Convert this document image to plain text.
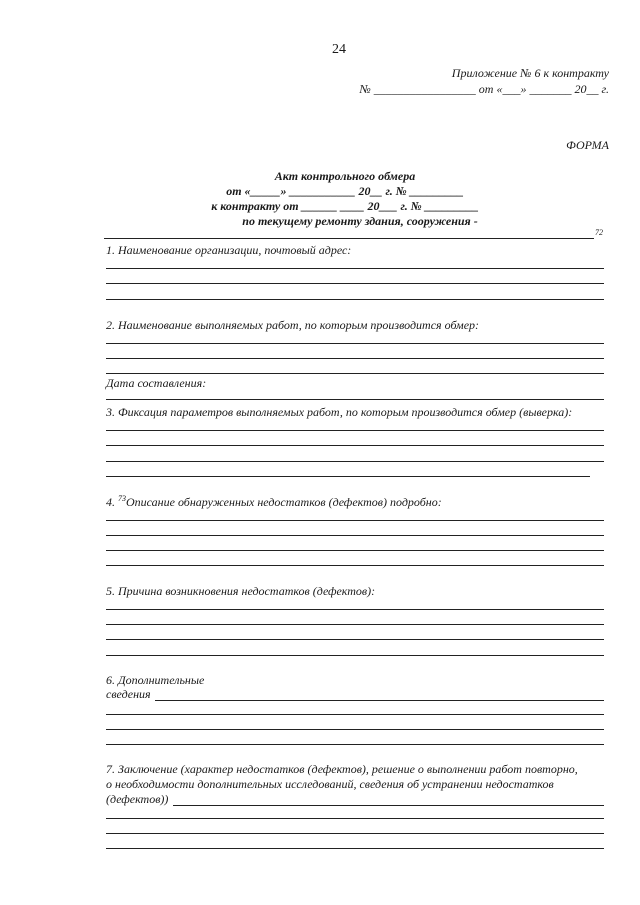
24
Приложение № 6 к контракту
№ _________________ от «___» _______ 20__ г.
ФОРМА
Акт контрольного обмера
от «_____» ___________ 20__ г. № _________
к контракту от ______ ____ 20___ г. № _________
по текущему ремонту здания, сооружения -
72
1. Наименование организации, почтовый адрес:
2. Наименование выполняемых работ, по которым производится обмер:
Дата составления:
3. Фиксация параметров выполняемых работ, по которым производится обмер (выверка):
4. $^{73}$Описание обнаруженных недостатков (дефектов) подробно:
5. Причина возникновения недостатков (дефектов):
6. Дополнительные
сведения
7. Заключение (характер недостатков (дефектов), решение о выполнении работ повторно,
о необходимости дополнительных исследований, сведения об устранении недостатков
(дефектов))
